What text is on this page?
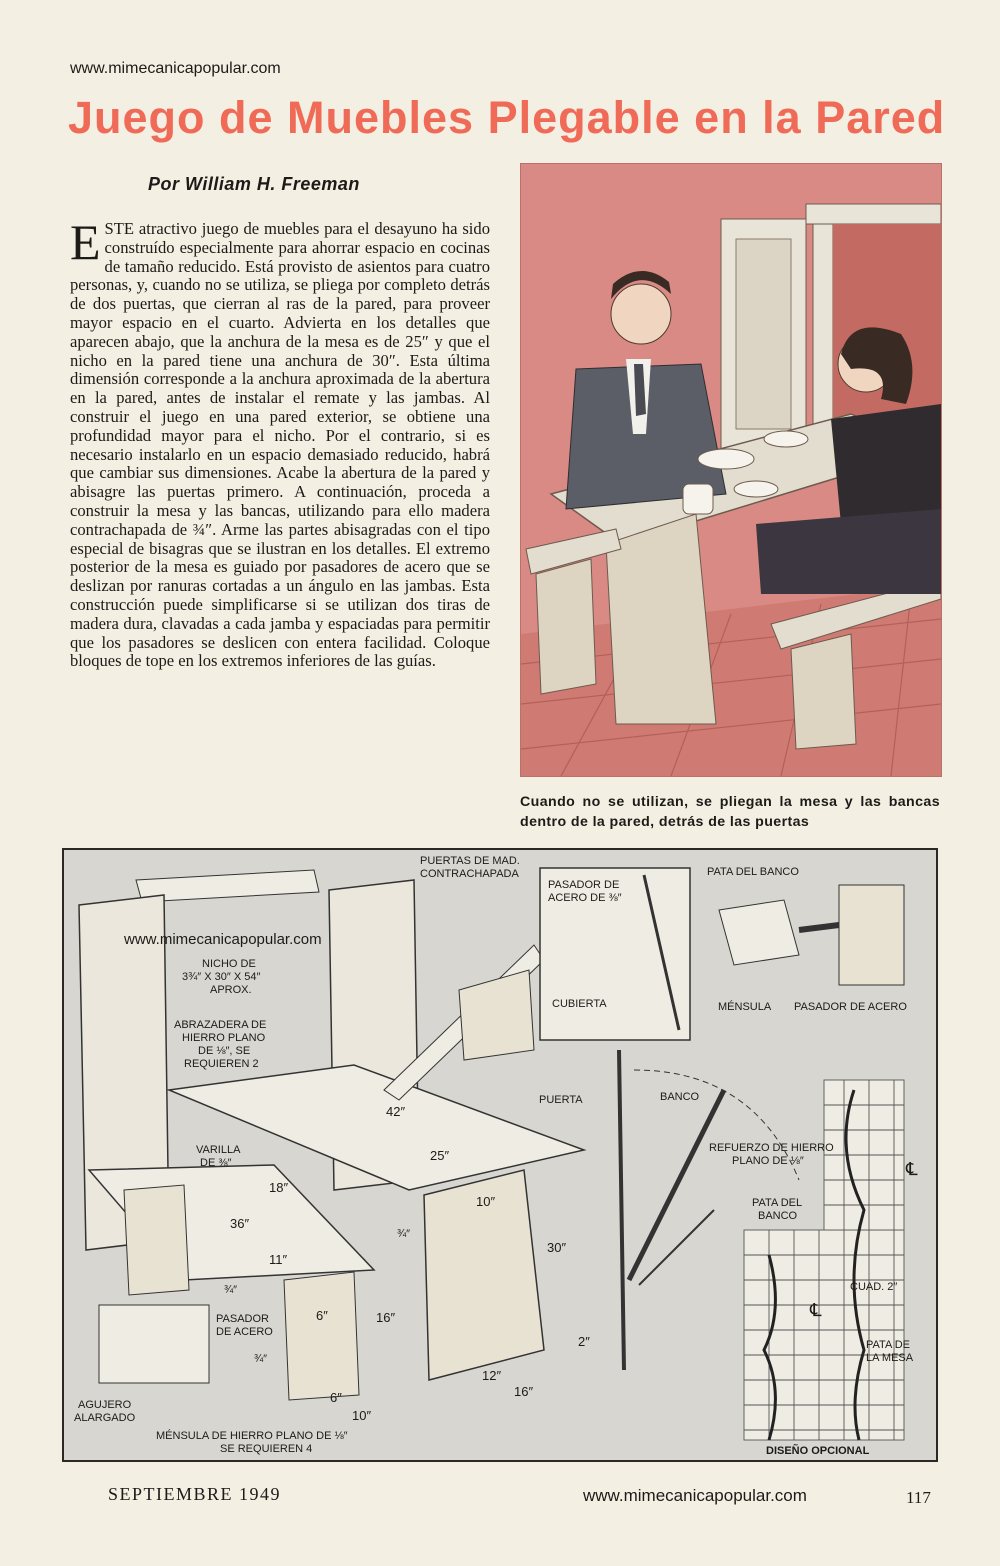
www.mimecanicapopular.com
Juego de Muebles Plegable en la Pared
Por William H. Freeman

ESTE atractivo juego de muebles para el desayuno ha sido construído especialmente para ahorrar espacio en cocinas de tamaño reducido. Está provisto de asientos para cuatro personas, y, cuando no se utiliza, se pliega por completo detrás de dos puertas, que cierran al ras de la pared, para proveer mayor espacio en el cuarto. Advierta en los detalles que aparecen abajo, que la anchura de la mesa es de 25″ y que el nicho en la pared tiene una anchura de 30″. Esta última dimensión corresponde a la anchura aproximada de la abertura en la pared, antes de instalar el remate y las jambas. Al construir el juego en una pared exterior, se obtiene una profundidad mayor para el nicho. Por el contrario, si es necesario instalarlo en un espacio demasiado reducido, habrá que cambiar sus dimensiones. Acabe la abertura de la pared y abisagre las puertas primero. A continuación, proceda a construir la mesa y las bancas, utilizando para ello madera contrachapada de ¾″. Arme las partes abisagradas con el tipo especial de bisagras que se ilustran en los detalles. El extremo posterior de la mesa es guiado por pasadores de acero que se deslizan por ranuras cortadas a un ángulo en las jambas. Esta construcción puede simplificarse si se utilizan dos tiras de madera dura, clavadas a cada jamba y espaciadas para permitir que los pasadores se deslicen con entera facilidad. Coloque bloques de tope en los extremos inferiores de las guías.

Cuando no se utilizan, se pliegan la mesa y las bancas dentro de la pared, detrás de las puertas

PUERTAS DE MAD.
CONTRACHAPADA
PASADOR DE
ACERO DE ⅜″
CUBIERTA
PATA DEL BANCO
MÉNSULA PASADOR DE ACERO
www.mimecanicapopular.com
NICHO DE
3¾″ X 30″ X 54″
APROX.
ABRAZADERA DE
HIERRO PLANO
DE ⅛″, SE
REQUIEREN 2
VARILLA
DE ⅜″
PUERTA	BANCO
REFUERZO DE HIERRO
PLANO DE ⅛″
PATA DEL
BANCO
CUAD. 2″
PATA DE
LA MESA
℄
℄
DISEÑO OPCIONAL
PASADOR
DE ACERO
AGUJERO
ALARGADO
MÉNSULA DE HIERRO PLANO DE ⅛″
SE REQUIEREN 4
42″
25″
18″
36″
11″
10″
¾″
30″
¾″
16″
6″
¾″
6″
10″
12″
16″
2″
SEPTIEMBRE 1949	www.mimecanicapopular.com	117
